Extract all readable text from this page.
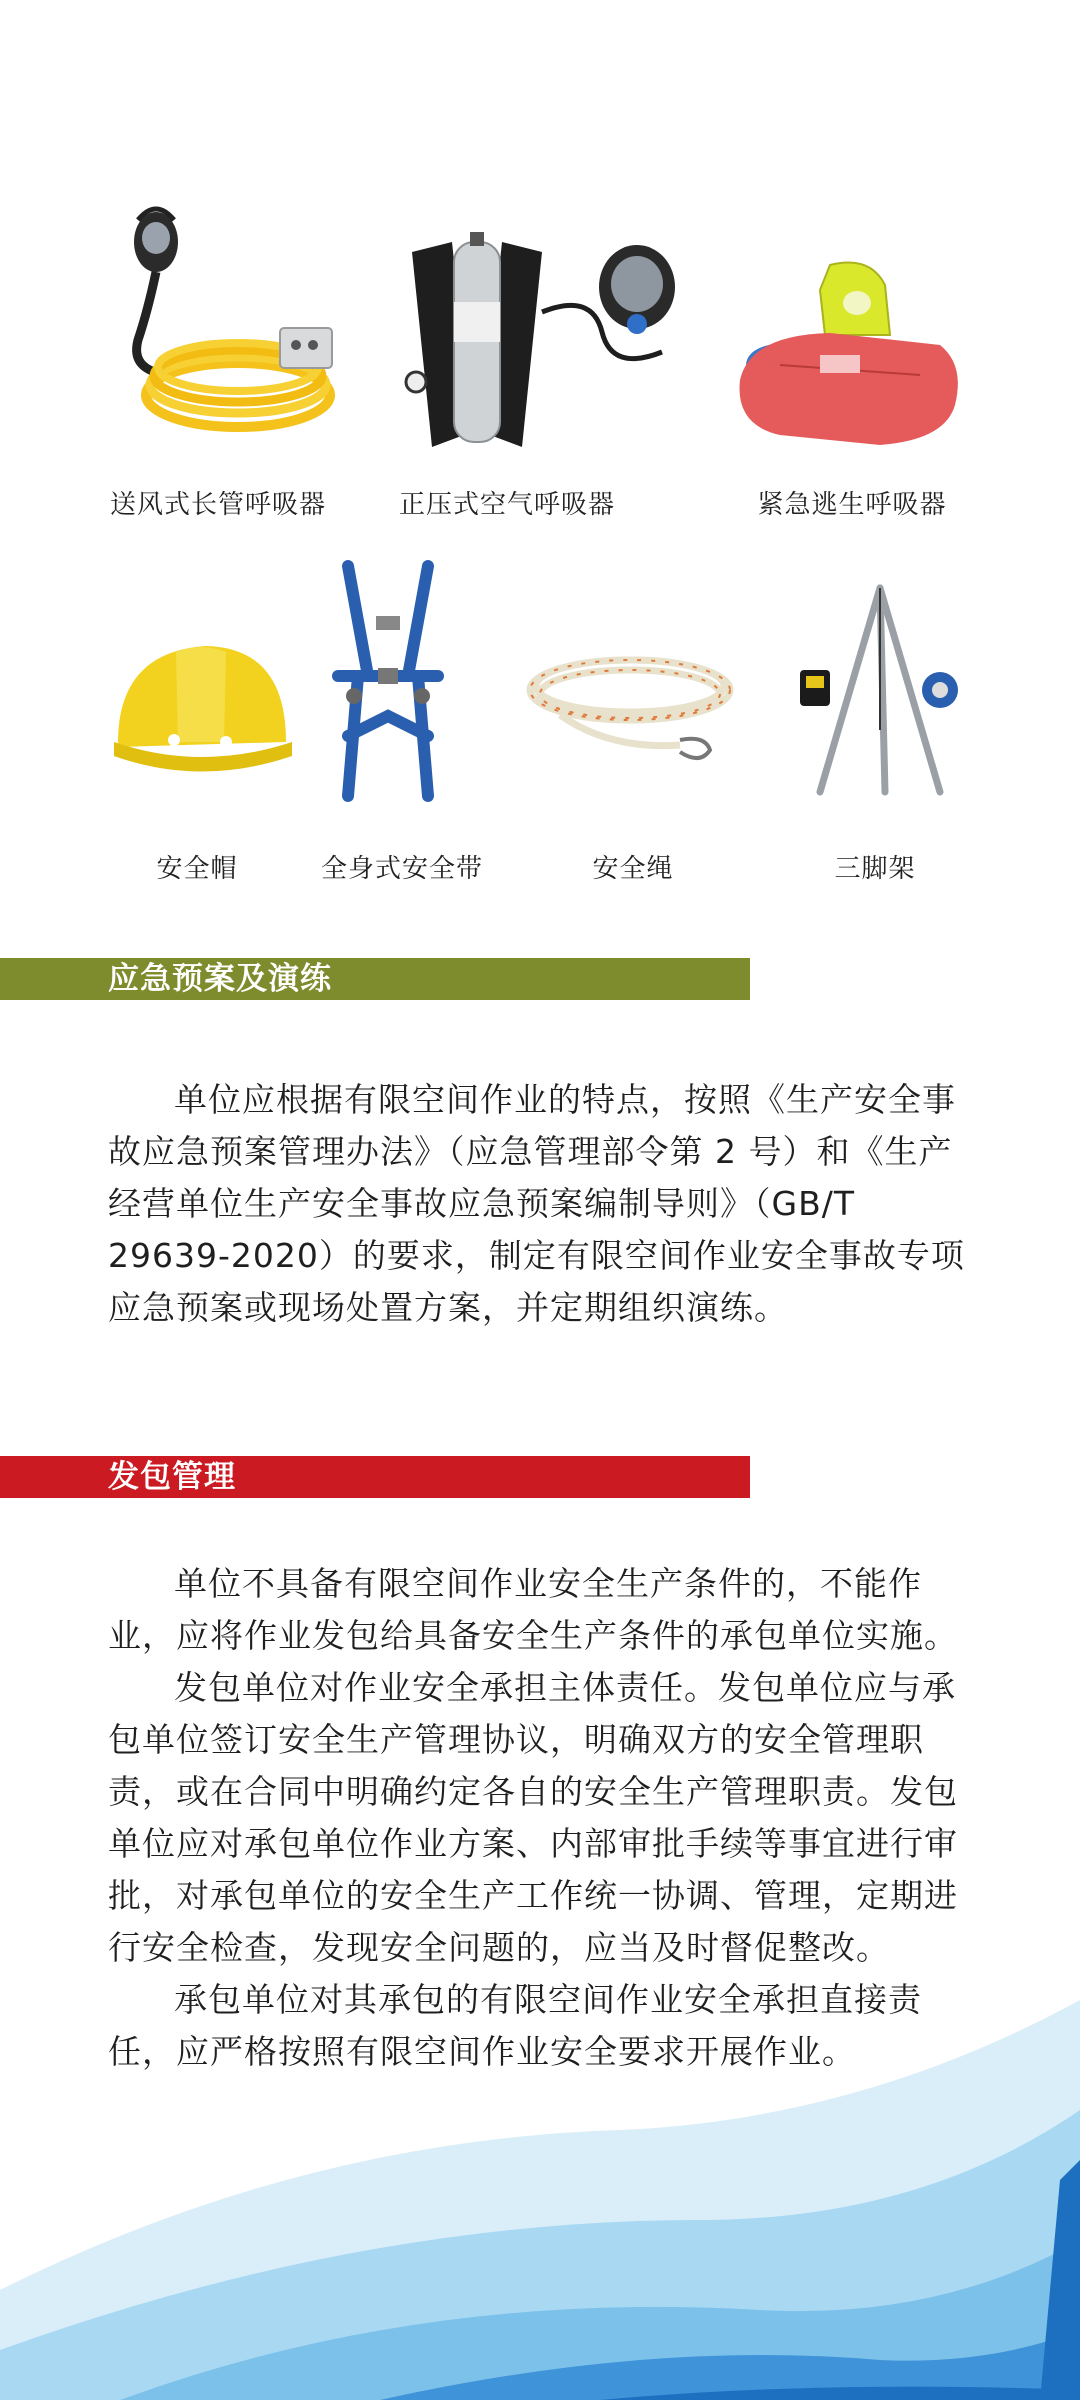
送风式长管呼吸器	正压式空气呼吸器	紧急逃生呼吸器
安全帽	全身式安全带	安全绳	三脚架
应急预案及演练

单位应根据有限空间作业的特点，按照《生产安全事故应急预案管理办法》（应急管理部令第 2 号）和《生产经营单位生产安全事故应急预案编制导则》（GB/T 29639-2020）的要求，制定有限空间作业安全事故专项应急预案或现场处置方案，并定期组织演练。

发包管理

单位不具备有限空间作业安全生产条件的，不能作业，应将作业发包给具备安全生产条件的承包单位实施。

发包单位对作业安全承担主体责任。发包单位应与承包单位签订安全生产管理协议，明确双方的安全管理职责，或在合同中明确约定各自的安全生产管理职责。发包单位应对承包单位作业方案、内部审批手续等事宜进行审批，对承包单位的安全生产工作统一协调、管理，定期进行安全检查，发现安全问题的，应当及时督促整改。

承包单位对其承包的有限空间作业安全承担直接责任，应严格按照有限空间作业安全要求开展作业。
